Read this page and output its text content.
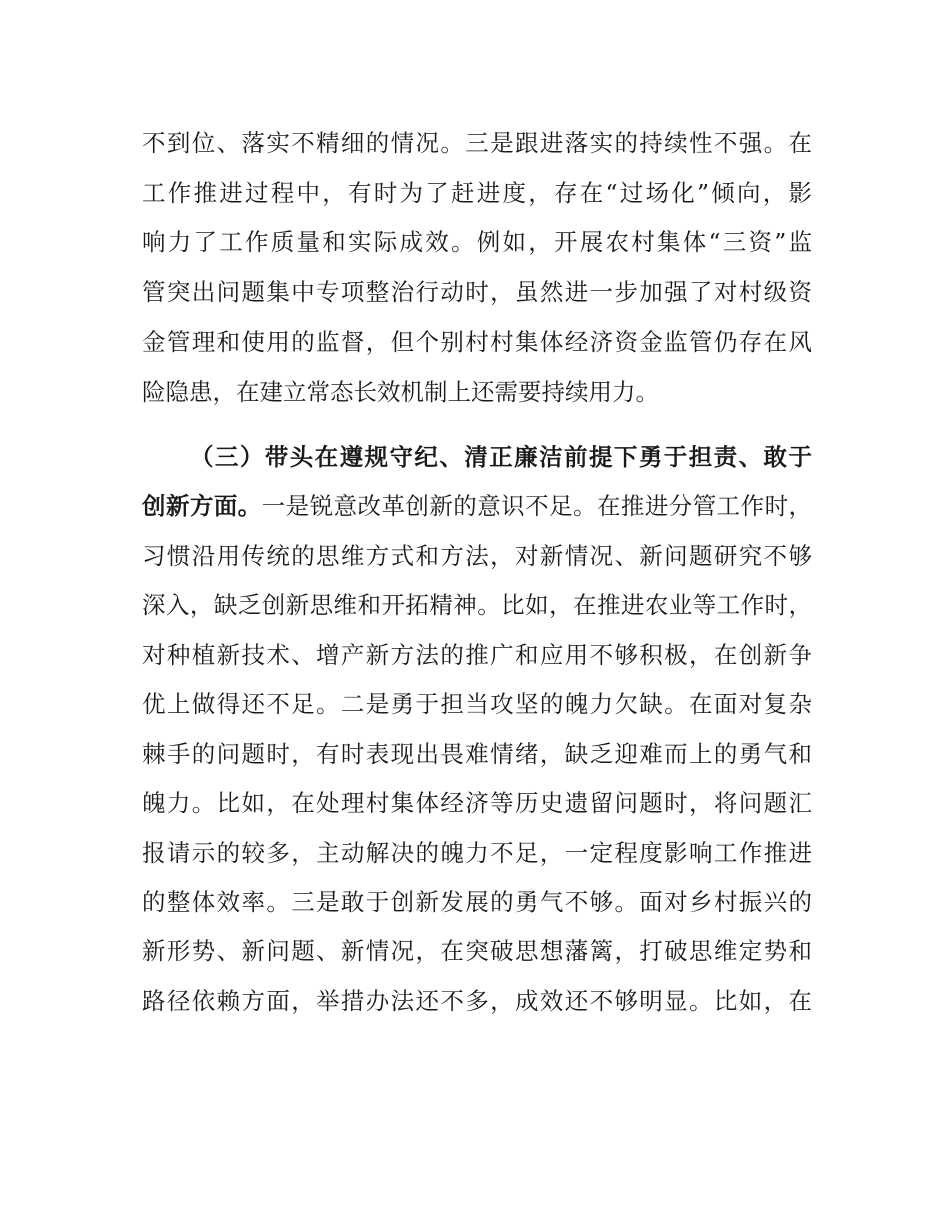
不到位、落实不精细的情况。三是跟进落实的持续性不强。在
工作推进过程中，有时为了赶进度，存在“过场化”倾向，影
响力了工作质量和实际成效。例如，开展农村集体“三资”监
管突出问题集中专项整治行动时，虽然进一步加强了对村级资
金管理和使用的监督，但个别村村集体经济资金监管仍存在风
险隐患，在建立常态长效机制上还需要持续用力。
（三）带头在遵规守纪、清正廉洁前提下勇于担责、敢于
创新方面。一是锐意改革创新的意识不足。在推进分管工作时，
习惯沿用传统的思维方式和方法，对新情况、新问题研究不够
深入，缺乏创新思维和开拓精神。比如，在推进农业等工作时，
对种植新技术、增产新方法的推广和应用不够积极，在创新争
优上做得还不足。二是勇于担当攻坚的魄力欠缺。在面对复杂
棘手的问题时，有时表现出畏难情绪，缺乏迎难而上的勇气和
魄力。比如，在处理村集体经济等历史遗留问题时，将问题汇
报请示的较多，主动解决的魄力不足，一定程度影响工作推进
的整体效率。三是敢于创新发展的勇气不够。面对乡村振兴的
新形势、新问题、新情况，在突破思想藩篱，打破思维定势和
路径依赖方面，举措办法还不多，成效还不够明显。比如，在
